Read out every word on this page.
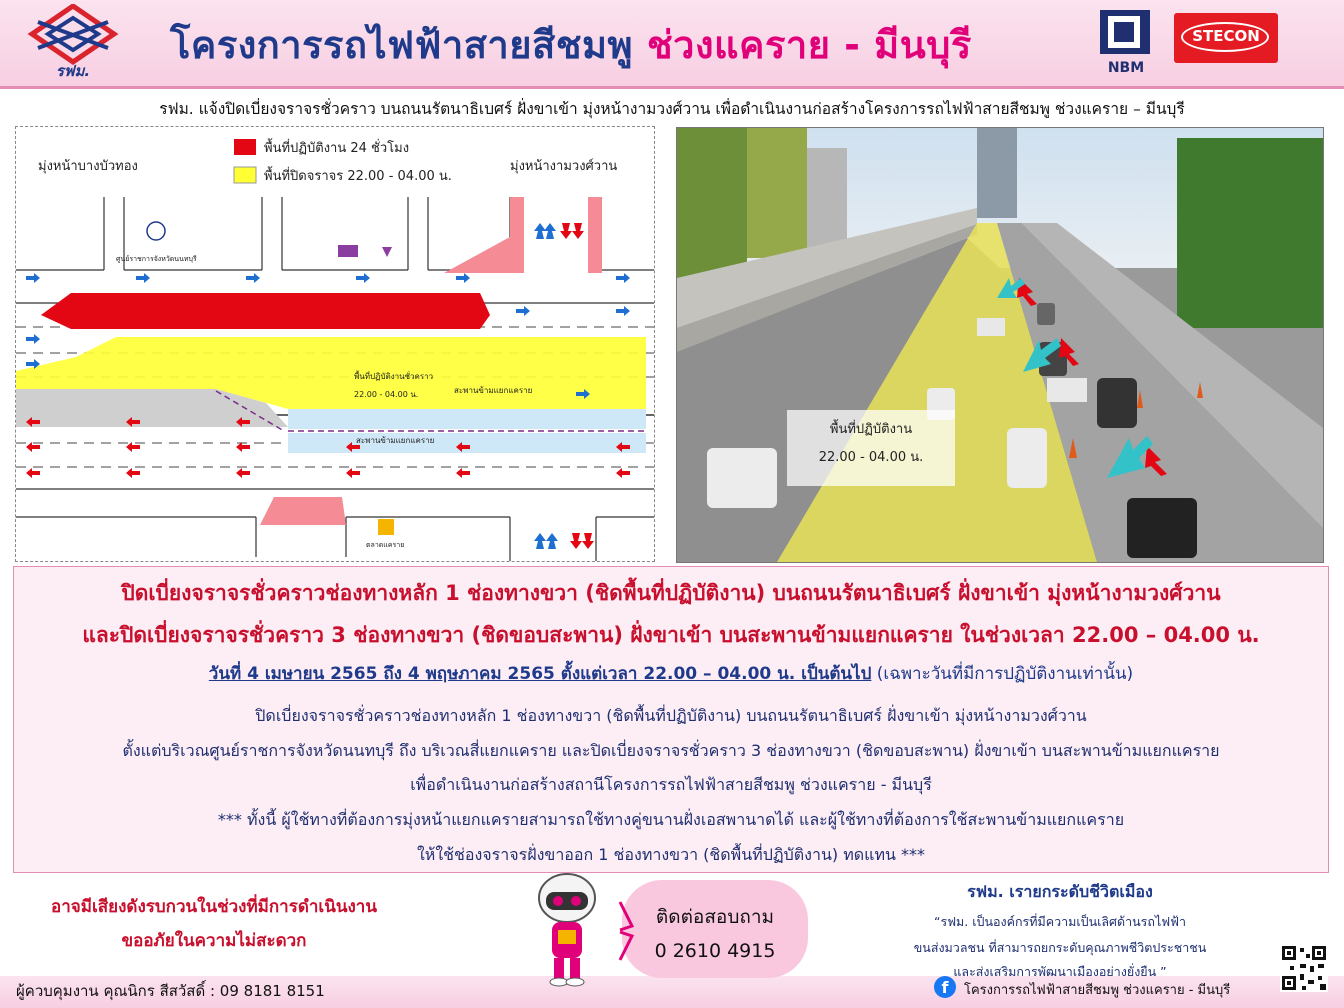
รฟม.
โครงการรถไฟฟ้าสายสีชมพู ช่วงแคราย - มีนบุรี
NBM
STECON
รฟม. แจ้งปิดเบี่ยงจราจรชั่วคราว บนถนนรัตนาธิเบศร์ ฝั่งขาเข้า มุ่งหน้างามวงศ์วาน เพื่อดำเนินงานก่อสร้างโครงการรถไฟฟ้าสายสีชมพู ช่วงแคราย – มีนบุรี
พื้นที่ปฏิบัติงาน 24 ชั่วโมง
พื้นที่ปิดจราจร 22.00 - 04.00 น.
มุ่งหน้าบางบัวทอง	มุ่งหน้างามวงศ์วาน
พื้นที่ปฏิบัติงานชั่วคราว
22.00 - 04.00 น.	สะพานข้ามแยกแคราย
สะพานข้ามแยกแคราย
ศูนย์ราชการจังหวัดนนทบุรี
ตลาดแคราย
พื้นที่ปฏิบัติงาน
22.00 - 04.00 น.
ปิดเบี่ยงจราจรชั่วคราวช่องทางหลัก 1 ช่องทางขวา (ชิดพื้นที่ปฏิบัติงาน) บนถนนรัตนาธิเบศร์ ฝั่งขาเข้า มุ่งหน้างามวงศ์วาน
และปิดเบี่ยงจราจรชั่วคราว 3 ช่องทางขวา (ชิดขอบสะพาน) ฝั่งขาเข้า บนสะพานข้ามแยกแคราย ในช่วงเวลา 22.00 – 04.00 น.
วันที่ 4 เมษายน 2565 ถึง 4 พฤษภาคม 2565 ตั้งแต่เวลา 22.00 – 04.00 น. เป็นต้นไป (เฉพาะวันที่มีการปฏิบัติงานเท่านั้น)
ปิดเบี่ยงจราจรชั่วคราวช่องทางหลัก 1 ช่องทางขวา (ชิดพื้นที่ปฏิบัติงาน) บนถนนรัตนาธิเบศร์ ฝั่งขาเข้า มุ่งหน้างามวงศ์วาน
ตั้งแต่บริเวณศูนย์ราชการจังหวัดนนทบุรี ถึง บริเวณสี่แยกแคราย และปิดเบี่ยงจราจรชั่วคราว 3 ช่องทางขวา (ชิดขอบสะพาน) ฝั่งขาเข้า บนสะพานข้ามแยกแคราย
เพื่อดำเนินงานก่อสร้างสถานีโครงการรถไฟฟ้าสายสีชมพู ช่วงแคราย - มีนบุรี
*** ทั้งนี้ ผู้ใช้ทางที่ต้องการมุ่งหน้าแยกแครายสามารถใช้ทางคู่ขนานฝั่งเอสพานาดได้ และผู้ใช้ทางที่ต้องการใช้สะพานข้ามแยกแคราย
ให้ใช้ช่องจราจรฝั่งขาออก 1 ช่องทางขวา (ชิดพื้นที่ปฏิบัติงาน) ทดแทน ***
อาจมีเสียงดังรบกวนในช่วงที่มีการดำเนินงาน
ขออภัยในความไม่สะดวก
ติดต่อสอบถาม
0 2610 4915
รฟม. เรายกระดับชีวิตเมือง
“รฟม. เป็นองค์กรที่มีความเป็นเลิศด้านรถไฟฟ้า
ขนส่งมวลชน ที่สามารถยกระดับคุณภาพชีวิตประชาชน
และส่งเสริมการพัฒนาเมืองอย่างยั่งยืน ”
f	โครงการรถไฟฟ้าสายสีชมพู ช่วงแคราย - มีนบุรี
ผู้ควบคุมงาน คุณนิกร สีสวัสดิ์ : 09 8181 8151
